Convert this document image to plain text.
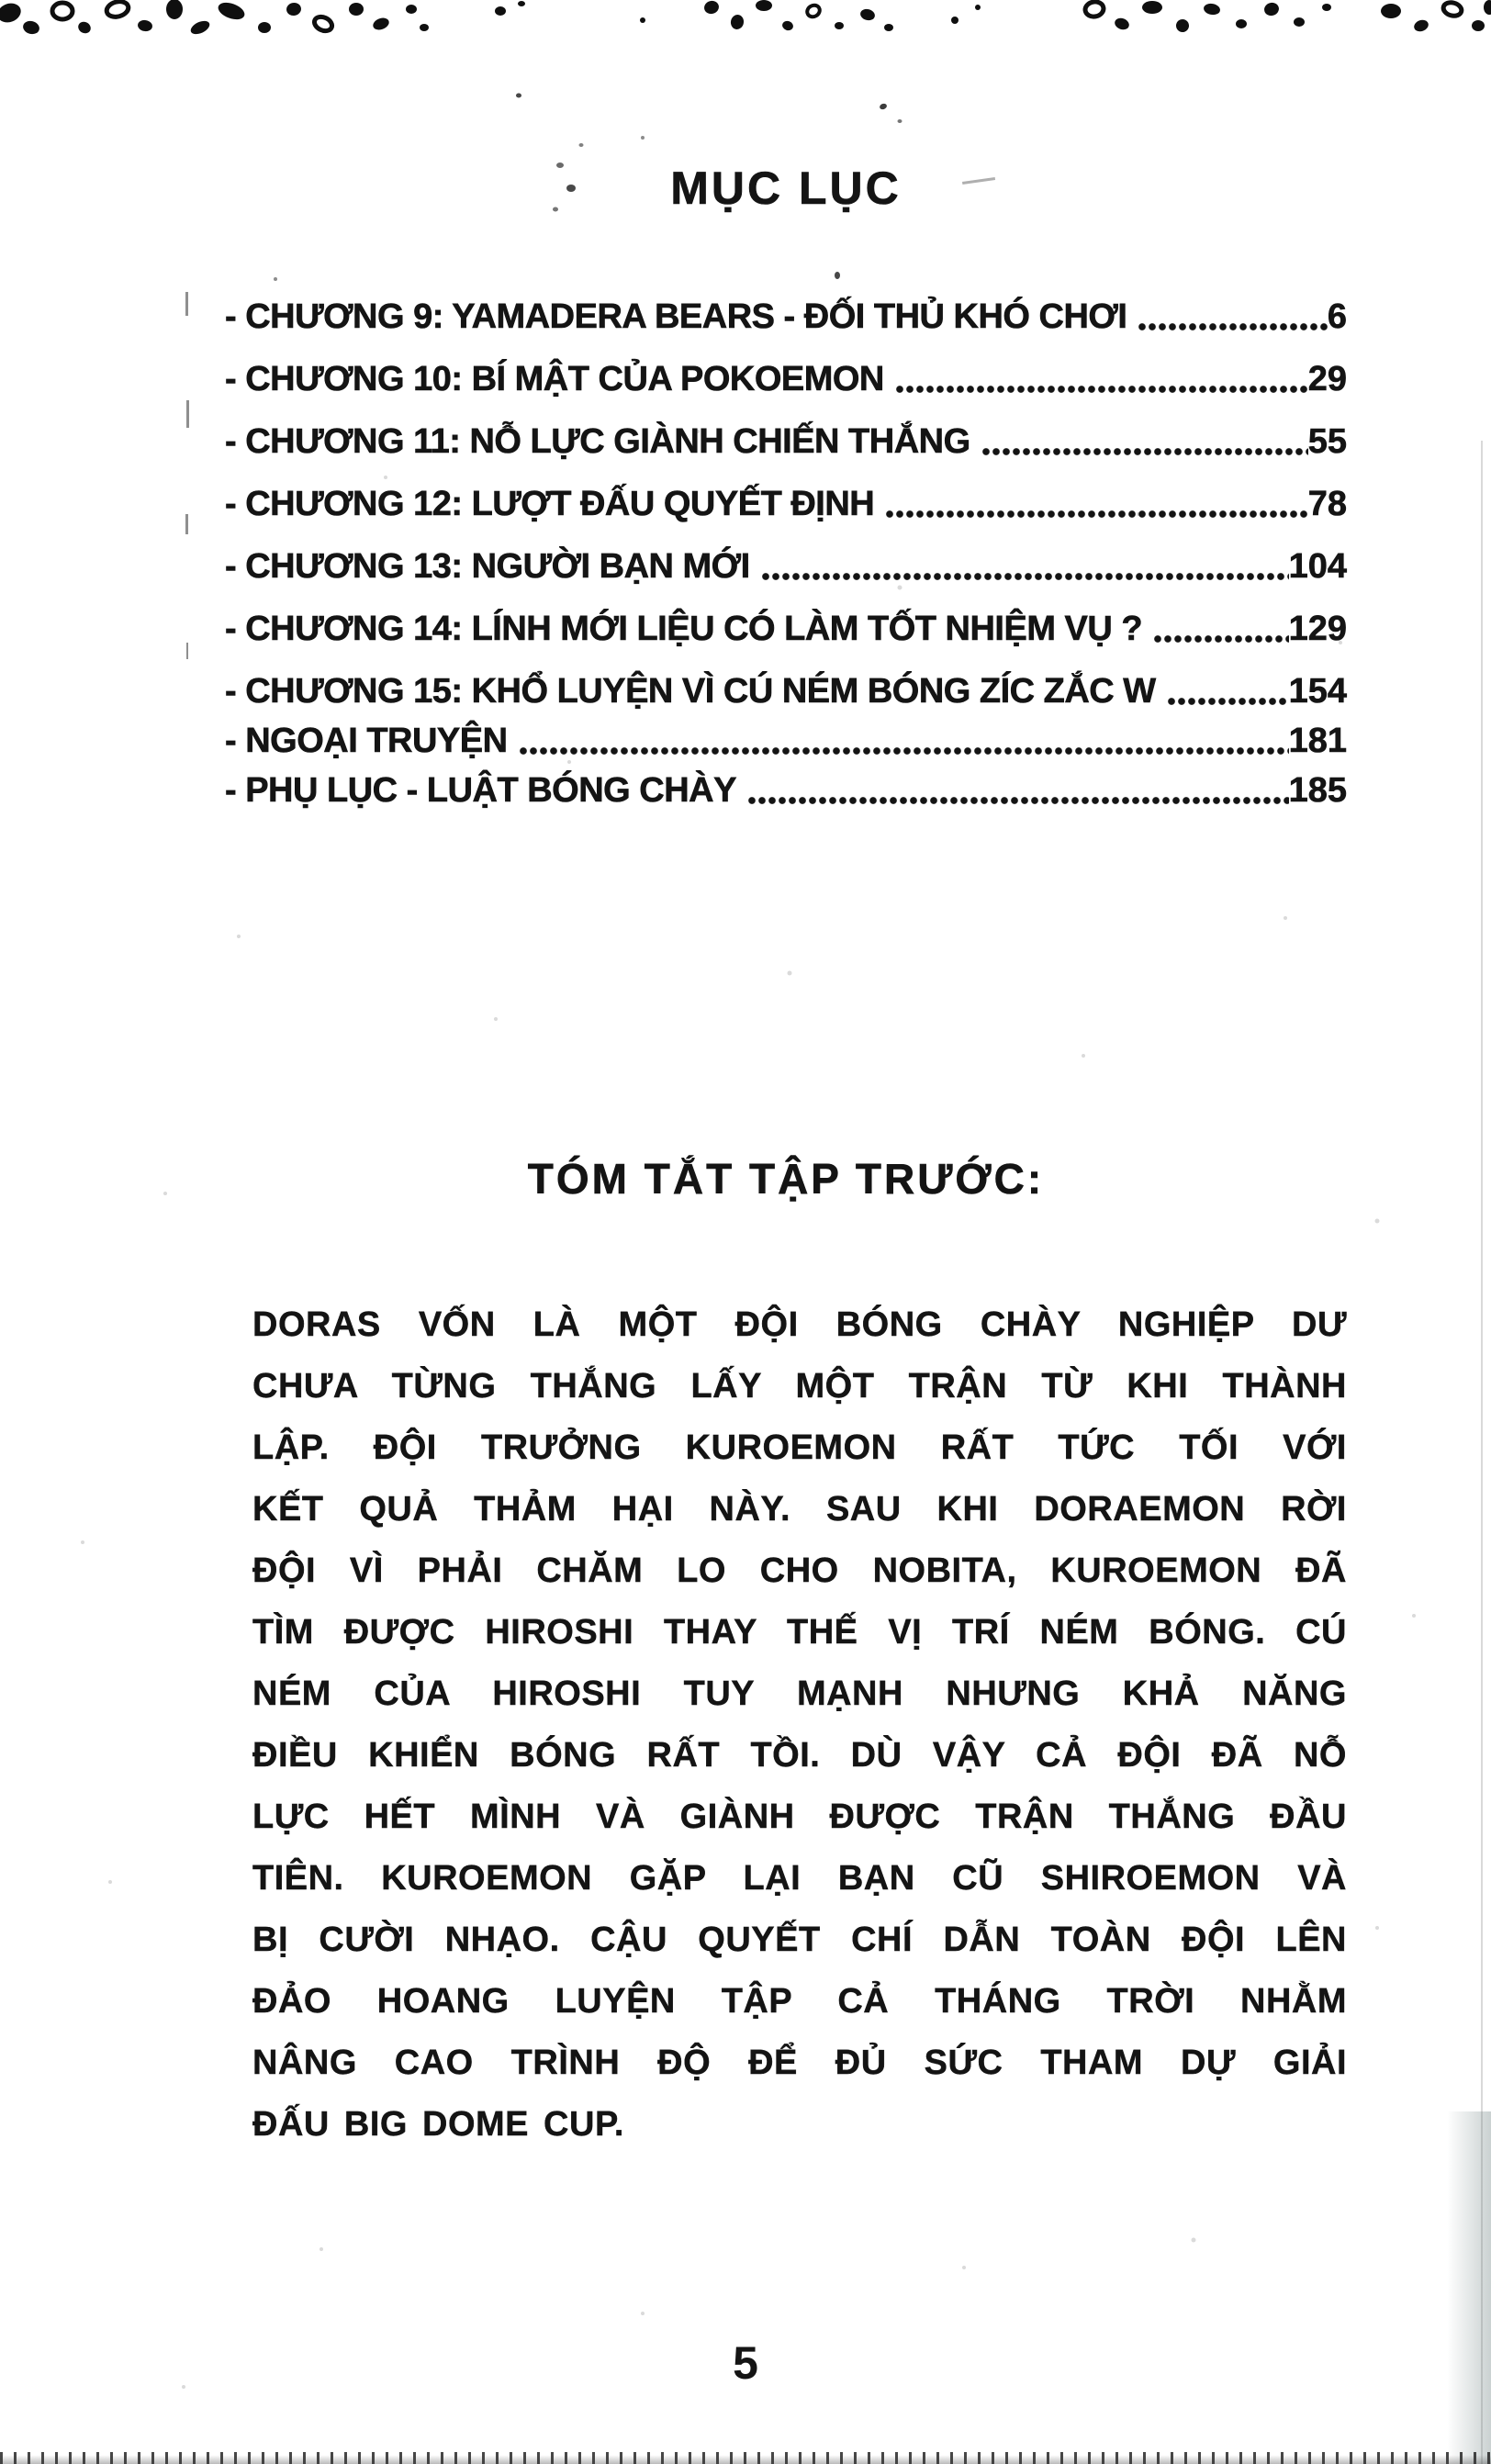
MỤC LỤC
- CHƯƠNG 9: YAMADERA BEARS - ĐỐI THỦ KHÓ CHƠI	6
- CHƯƠNG 10: BÍ MẬT CỦA POKOEMON	29
- CHƯƠNG 11: NỖ LỰC GIÀNH CHIẾN THẮNG	55
- CHƯƠNG 12: LƯỢT ĐẤU QUYẾT ĐỊNH	78
- CHƯƠNG 13: NGƯỜI BẠN MỚI	104
- CHƯƠNG 14: LÍNH MỚI LIỆU CÓ LÀM TỐT NHIỆM VỤ ?	129
- CHƯƠNG 15: KHỔ LUYỆN VÌ CÚ NÉM BÓNG ZÍC ZẮC W	154
- NGOẠI TRUYỆN	181
- PHỤ LỤC - LUẬT BÓNG CHÀY	185
TÓM TẮT TẬP TRƯỚC:
DORAS VỐN LÀ MỘT ĐỘI BÓNG CHÀY NGHIỆP DƯ
CHƯA TỪNG THẮNG LẤY MỘT TRẬN TỪ KHI THÀNH
LẬP. ĐỘI TRƯỞNG KUROEMON RẤT TỨC TỐI VỚI
KẾT QUẢ THẢM HẠI NÀY. SAU KHI DORAEMON RỜI
ĐỘI VÌ PHẢI CHĂM LO CHO NOBITA, KUROEMON ĐÃ
TÌM ĐƯỢC HIROSHI THAY THẾ VỊ TRÍ NÉM BÓNG. CÚ
NÉM CỦA HIROSHI TUY MẠNH NHƯNG KHẢ NĂNG
ĐIỀU KHIỂN BÓNG RẤT TỒI. DÙ VẬY CẢ ĐỘI ĐÃ NỖ
LỰC HẾT MÌNH VÀ GIÀNH ĐƯỢC TRẬN THẮNG ĐẦU
TIÊN. KUROEMON GẶP LẠI BẠN CŨ SHIROEMON VÀ
BỊ CƯỜI NHẠO. CẬU QUYẾT CHÍ DẪN TOÀN ĐỘI LÊN
ĐẢO HOANG LUYỆN TẬP CẢ THÁNG TRỜI NHẰM
NÂNG CAO TRÌNH ĐỘ ĐỂ ĐỦ SỨC THAM DỰ GIẢI
ĐẤU BIG DOME CUP.
5
